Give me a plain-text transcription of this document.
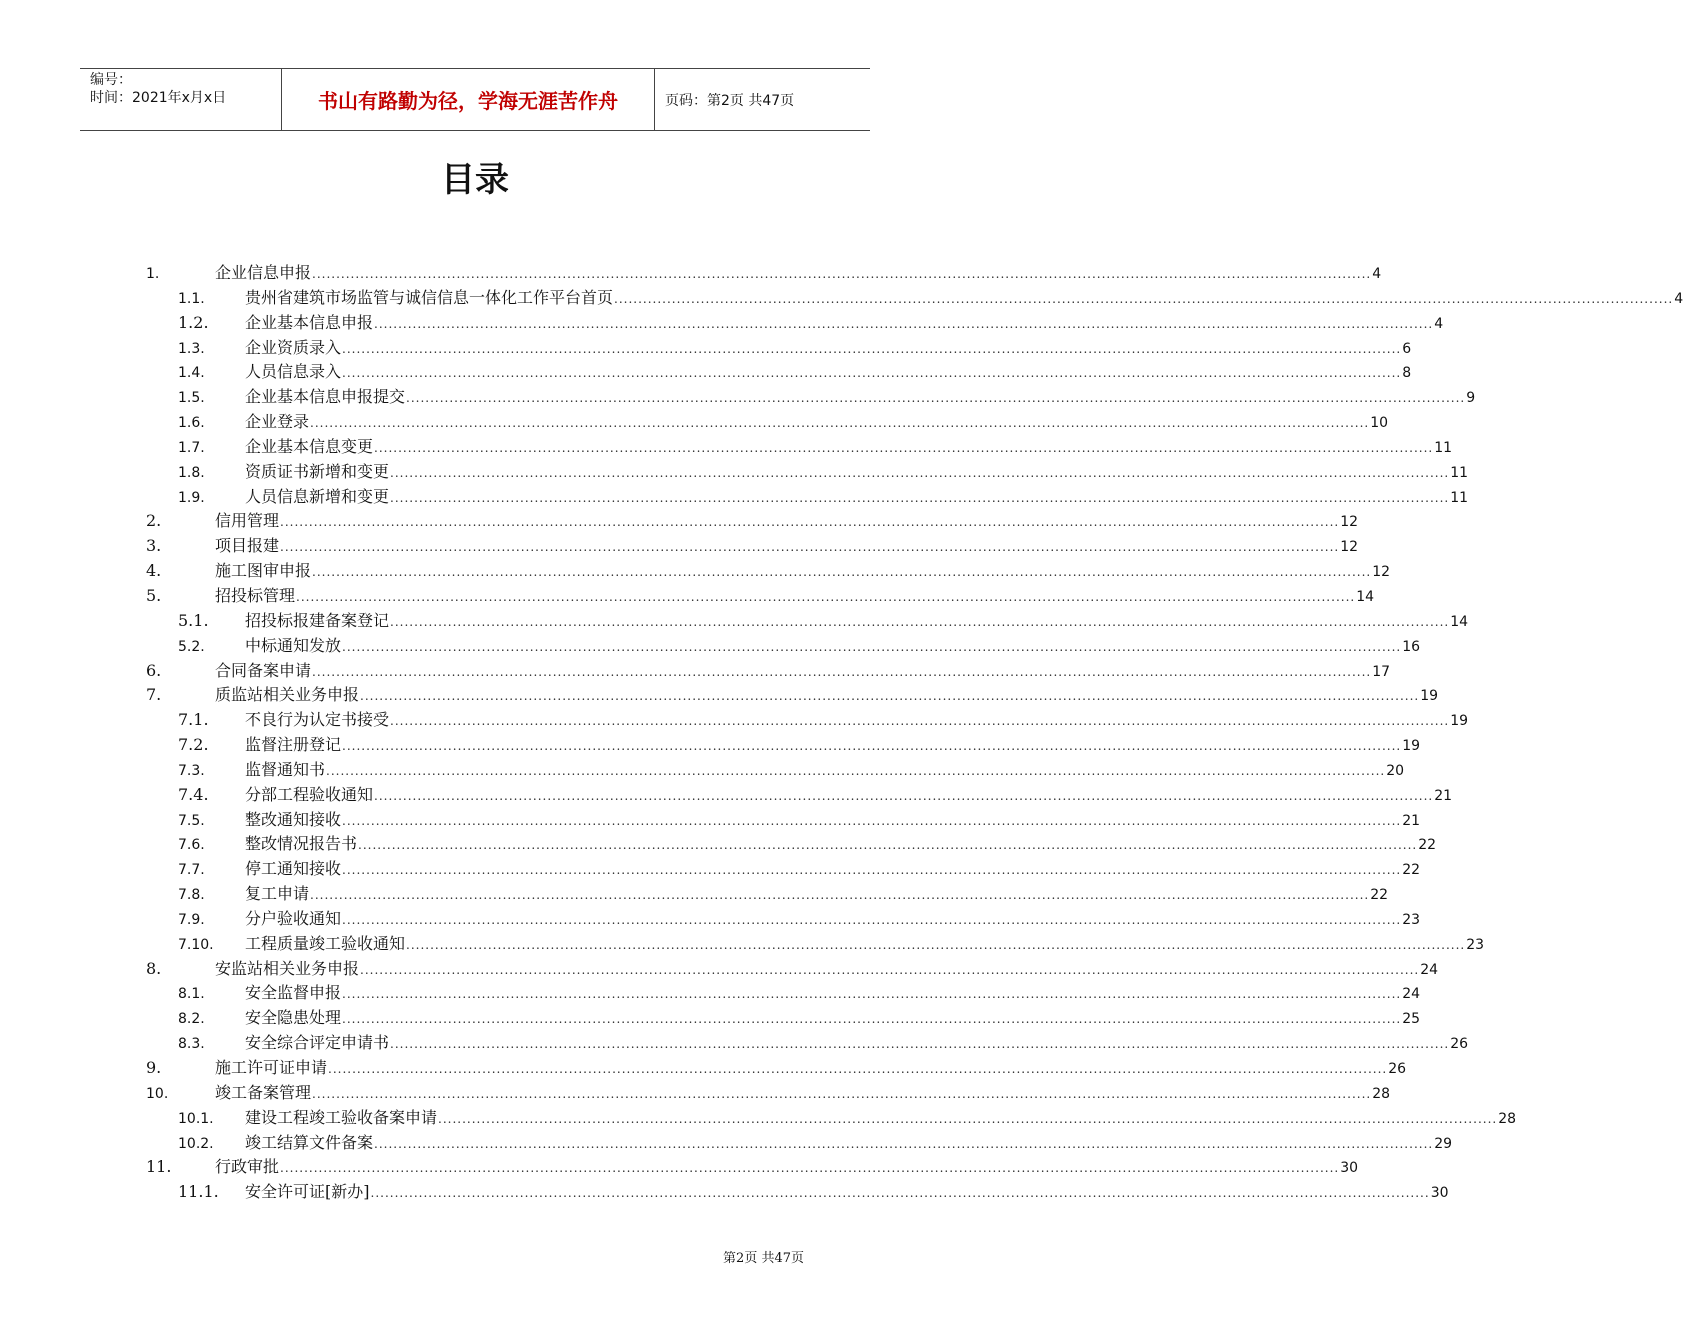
编号：
时间：2021年x月x日	书山有路勤为径，学海无涯苦作舟	页码：第2页 共47页
目录
1.	企业信息申报 ............................................................................................................................................................................................................................ 4
1.1.	贵州省建筑市场监管与诚信信息一体化工作平台首页 ............................................................................................................................................................................................................................ 4
1.2.	企业基本信息申报 ............................................................................................................................................................................................................................ 4
1.3.	企业资质录入 ............................................................................................................................................................................................................................ 6
1.4.	人员信息录入 ............................................................................................................................................................................................................................ 8
1.5.	企业基本信息申报提交 ............................................................................................................................................................................................................................ 9
1.6.	企业登录 ............................................................................................................................................................................................................................ 10
1.7.	企业基本信息变更 ............................................................................................................................................................................................................................ 11
1.8.	资质证书新增和变更 ............................................................................................................................................................................................................................ 11
1.9.	人员信息新增和变更 ............................................................................................................................................................................................................................ 11
2.	信用管理 ............................................................................................................................................................................................................................ 12
3.	项目报建 ............................................................................................................................................................................................................................ 12
4.	施工图审申报 ............................................................................................................................................................................................................................ 12
5.	招投标管理 ............................................................................................................................................................................................................................ 14
5.1.	招投标报建备案登记 ............................................................................................................................................................................................................................ 14
5.2.	中标通知发放 ............................................................................................................................................................................................................................ 16
6.	合同备案申请 ............................................................................................................................................................................................................................ 17
7.	质监站相关业务申报 ............................................................................................................................................................................................................................ 19
7.1.	不良行为认定书接受 ............................................................................................................................................................................................................................ 19
7.2.	监督注册登记 ............................................................................................................................................................................................................................ 19
7.3.	监督通知书 ............................................................................................................................................................................................................................ 20
7.4.	分部工程验收通知 ............................................................................................................................................................................................................................ 21
7.5.	整改通知接收 ............................................................................................................................................................................................................................ 21
7.6.	整改情况报告书 ............................................................................................................................................................................................................................ 22
7.7.	停工通知接收 ............................................................................................................................................................................................................................ 22
7.8.	复工申请 ............................................................................................................................................................................................................................ 22
7.9.	分户验收通知 ............................................................................................................................................................................................................................ 23
7.10.	工程质量竣工验收通知 ............................................................................................................................................................................................................................ 23
8.	安监站相关业务申报 ............................................................................................................................................................................................................................ 24
8.1.	安全监督申报 ............................................................................................................................................................................................................................ 24
8.2.	安全隐患处理 ............................................................................................................................................................................................................................ 25
8.3.	安全综合评定申请书 ............................................................................................................................................................................................................................ 26
9.	施工许可证申请 ............................................................................................................................................................................................................................ 26
10.	竣工备案管理 ............................................................................................................................................................................................................................ 28
10.1.	建设工程竣工验收备案申请 ............................................................................................................................................................................................................................ 28
10.2.	竣工结算文件备案 ............................................................................................................................................................................................................................ 29
11.	行政审批 ............................................................................................................................................................................................................................ 30
11.1.	安全许可证[新办] ............................................................................................................................................................................................................................ 30
第2页 共47页
